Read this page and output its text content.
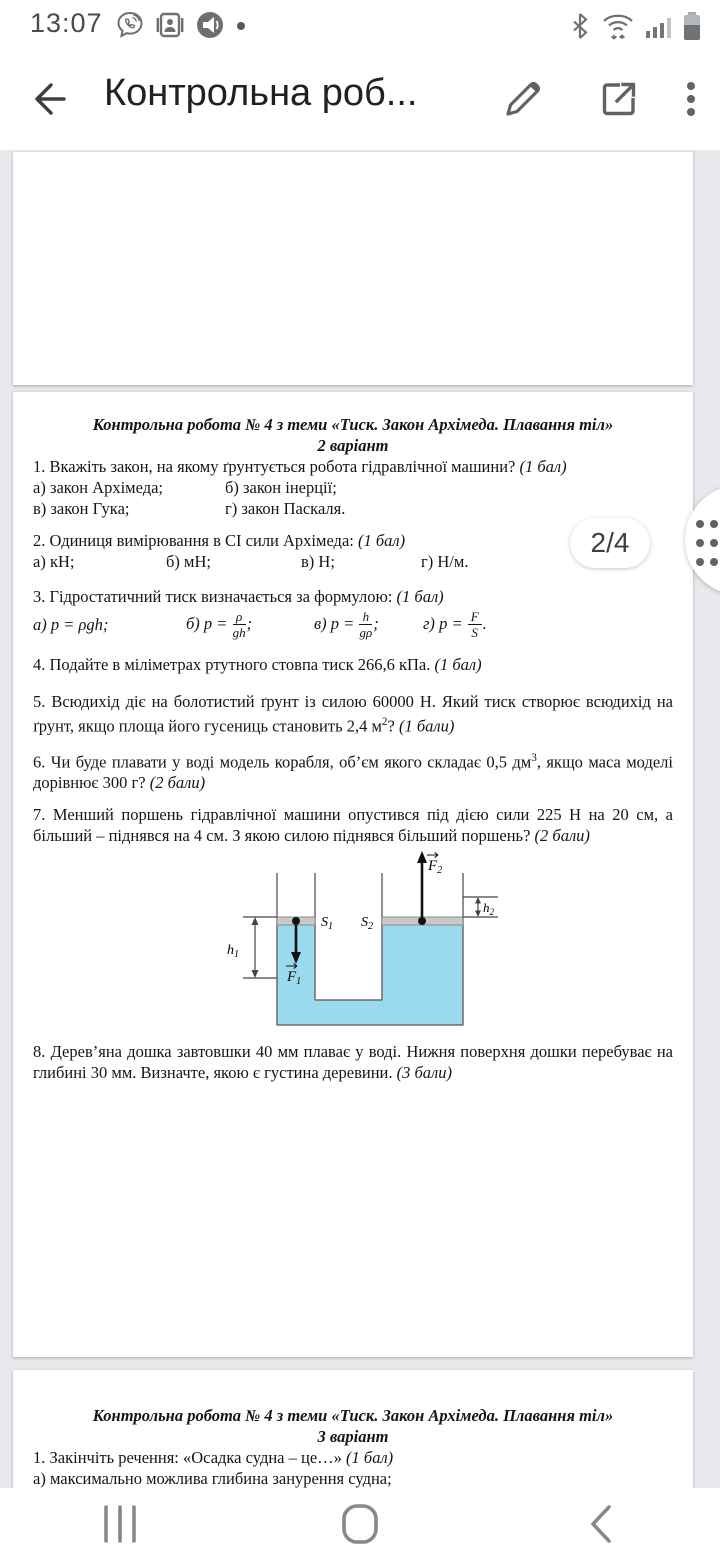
13:07
Контрольна роб...
Контрольна робота № 4 з теми «Тиск. Закон Архімеда. Плавання тіл»
2 варіант

1. Вкажіть закон, на якому ґрунтується робота гідравлічної машини? (1 бал)

а) закон Архімеда;	б) закон інерції;

в) закон Гука;	г) закон Паскаля.

2. Одиниця вимірювання в СІ сили Архімеда: (1 бал)

а) кН;	б) мН;	в) Н;	г) Н/м.

3. Гідростатичний тиск визначається за формулою: (1 бал)

а) p = ρgh;	б) $p = \frac{\rho}{gh}$ ;	в) $p = \frac{h}{g\rho}$ ;	г) $p = \frac{F}{S}$ .

4. Подайте в міліметрах ртутного стовпа тиск 266,6 кПа. (1 бал)

5. Всюдихід діє на болотистий ґрунт із силою 60000 Н. Який тиск створює всюдихід на ґрунт, якщо площа його гусениць становить 2,4 $м^2$? (1 бали)

6. Чи буде плавати у воді модель корабля, об’єм якого складає 0,5 $дм^3$, якщо маса моделі дорівнює 300 г? (2 бали)

7. Менший поршень гідравлічної машини опустився під дією сили 225 Н на 20 см, а більший – піднявся на 4 см. З якою силою піднявся більший поршень? (2 бали)

$S_1$ $S_2$
$F_1$
$F_2$
$h_1$
$h_2$

8. Дерев’яна дошка завтовшки 40 мм плаває у воді. Нижня поверхня дошки перебуває на глибині 30 мм. Визначте, якою є густина деревини. (3 бали)

Контрольна робота № 4 з теми «Тиск. Закон Архімеда. Плавання тіл»
3 варіант

1. Закінчіть речення: «Осадка судна – це…» (1 бал)

а) максимально можлива глибина занурення судна;

2/4
